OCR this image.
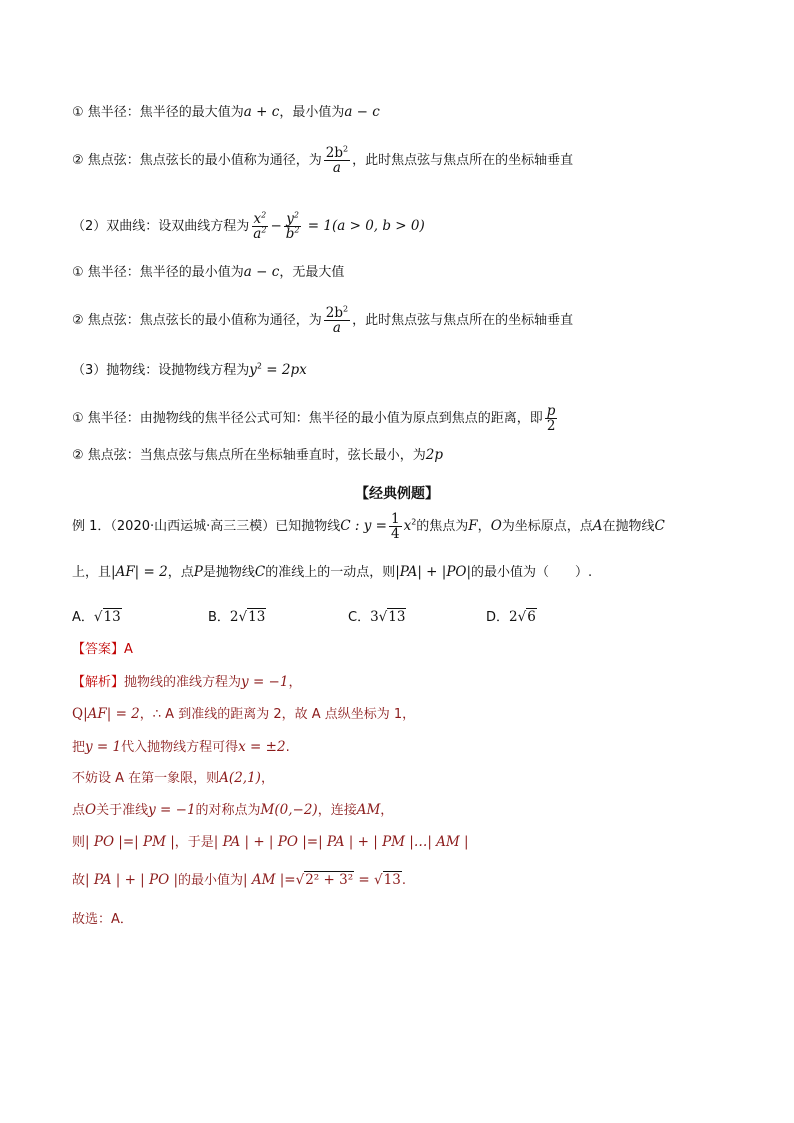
① 焦半径：焦半径的最大值为a + c，最小值为a − c
② 焦点弦：焦点弦长的最小值称为通径，为 $\frac{2b^2}{a}$ ，此时焦点弦与焦点所在的坐标轴垂直
（2）双曲线：设双曲线方程为 $\frac{x^2}{a^2} - \frac{y^2}{b^2} = 1(a > 0$, b > 0)
① 焦半径：焦半径的最小值为a − c，无最大值
② 焦点弦：焦点弦长的最小值称为通径，为 $\frac{2b^2}{a}$ ，此时焦点弦与焦点所在的坐标轴垂直
（3）抛物线：设抛物线方程为$y^2 = 2px$
① 焦半径：由抛物线的焦半径公式可知：焦半径的最小值为原点到焦点的距离，即 $\frac{p}{2}$
② 焦点弦：当焦点弦与焦点所在坐标轴垂直时，弦长最小，为2p
【经典例题】
例 1．（2020·山西运城·高三三模）已知抛物线C : $y = \frac{1}{4} x^2$的焦点为F，O为坐标原点，点A在抛物线C
上，且|AF| = 2，点P是抛物线C的准线上的一动点，则|PA| + |PO|的最小值为（　　）.
A．√13	B．2√13	C．3√13	D．2√6
【答案】A
【解析】抛物线的准线方程为y = −1，
Q|AF| = 2，∴ A 到准线的距离为 2，故 A 点纵坐标为 1，
把y = 1代入抛物线方程可得x = ±2.
不妨设 A 在第一象限，则A(2,1)，
点O关于准线y = −1的对称点为M(0,−2)，连接AM，
则| PO |=| PM |，于是| PA | + | PO |=| PA | + | PM |…| AM |
故| PA | + | PO |的最小值为| AM |=√2² + 3² = √13.
故选：A．
